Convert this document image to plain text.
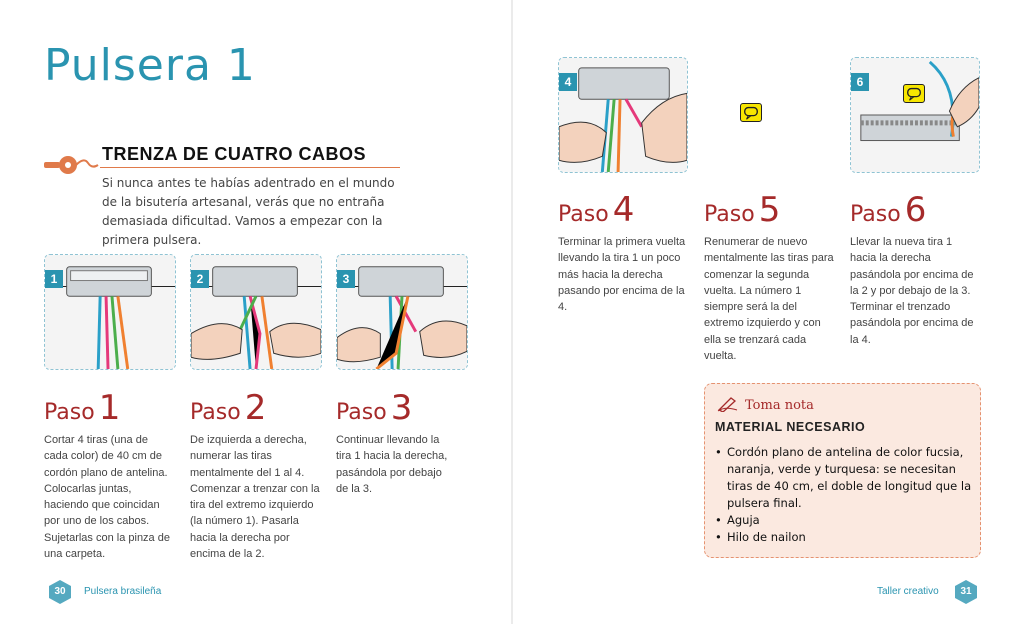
Pulsera 1
TRENZA DE CUATRO CABOS

Si nunca antes te habías adentrado en el mundo de la bisutería artesanal, verás que no entraña demasiada dificultad. Vamos a empezar con la primera pulsera.

1	2	3
Paso 1

Cortar 4 tiras (una de cada color) de 40 cm de cordón plano de antelina. Colocarlas juntas, haciendo que coincidan por uno de los cabos. Sujetarlas con la pinza de una carpeta.

Paso 2

De izquierda a derecha, numerar las tiras mentalmente del 1 al 4. Comenzar a trenzar con la tira del extremo izquierdo (la número 1). Pasarla hacia la derecha por encima de la 2.

Paso 3

Continuar llevando la tira 1 hacia la derecha, pasándola por debajo de la 3.

30	Pulsera brasileña
4	6
Paso 4

Terminar la primera vuelta llevando la tira 1 un poco más hacia la derecha pasando por encima de la 4.

Paso 5

Renumerar de nuevo mentalmente las tiras para comenzar la segunda vuelta. La número 1 siempre será la del extremo izquierdo y con ella se trenzará cada vuelta.

Paso 6

Llevar la nueva tira 1 hacia la derecha pasándola por encima de la 2 y por debajo de la 3. Terminar el trenzado pasándola por encima de la 4.

Toma nota
MATERIAL NECESARIO
• Cordón plano de antelina de color fucsia, naranja, verde y turquesa: se necesitan tiras de 40 cm, el doble de longitud que la pulsera final.
• Aguja
• Hilo de nailon
Taller creativo	31
